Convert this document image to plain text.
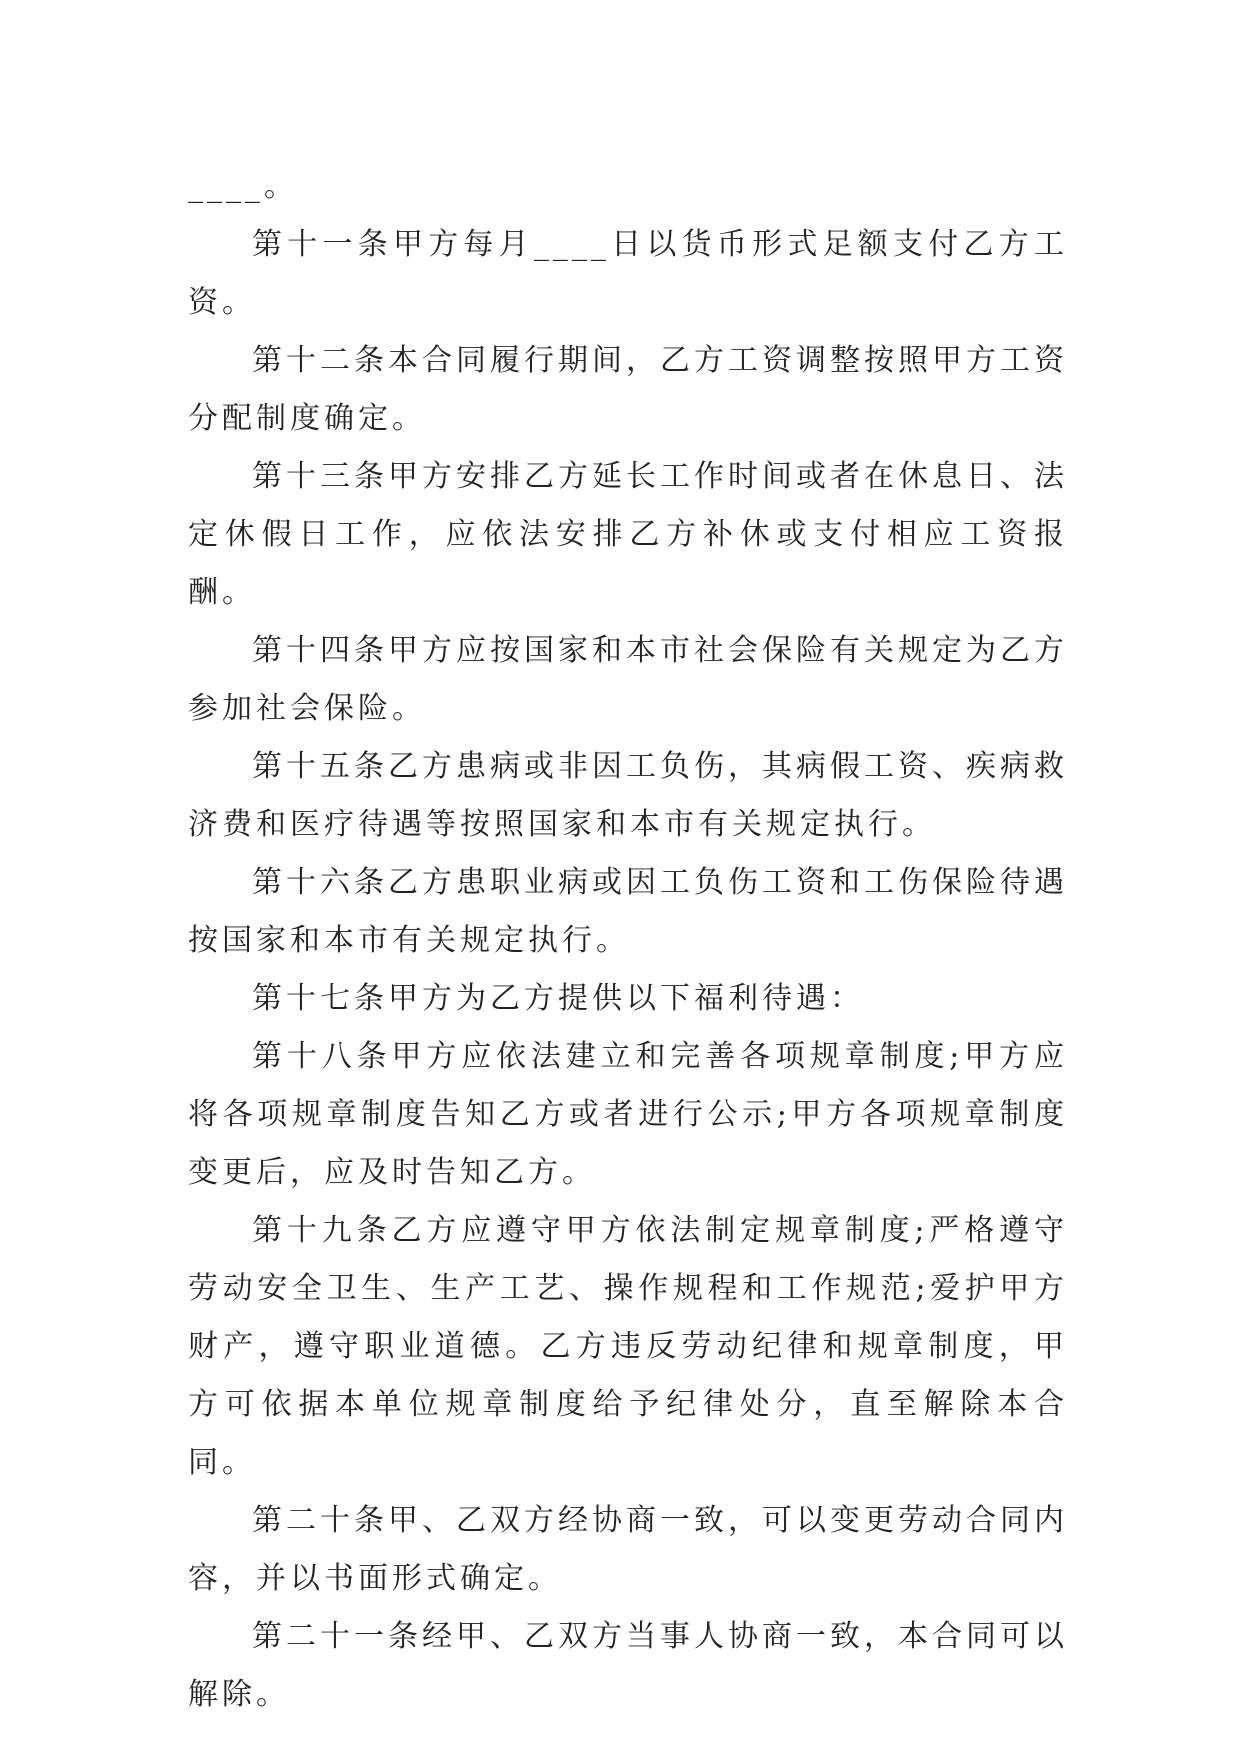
____。

第十一条甲方每月____日以货币形式足额支付乙方工资。

第十二条本合同履行期间，乙方工资调整按照甲方工资分配制度确定。

第十三条甲方安排乙方延长工作时间或者在休息日、法定休假日工作，应依法安排乙方补休或支付相应工资报酬。

第十四条甲方应按国家和本市社会保险有关规定为乙方参加社会保险。

第十五条乙方患病或非因工负伤，其病假工资、疾病救济费和医疗待遇等按照国家和本市有关规定执行。

第十六条乙方患职业病或因工负伤工资和工伤保险待遇按国家和本市有关规定执行。

第十七条甲方为乙方提供以下福利待遇：

第十八条甲方应依法建立和完善各项规章制度;甲方应将各项规章制度告知乙方或者进行公示;甲方各项规章制度变更后，应及时告知乙方。

第十九条乙方应遵守甲方依法制定规章制度;严格遵守劳动安全卫生、生产工艺、操作规程和工作规范;爱护甲方财产，遵守职业道德。乙方违反劳动纪律和规章制度，甲方可依据本单位规章制度给予纪律处分，直至解除本合同。

第二十条甲、乙双方经协商一致，可以变更劳动合同内容，并以书面形式确定。

第二十一条经甲、乙双方当事人协商一致，本合同可以解除。
